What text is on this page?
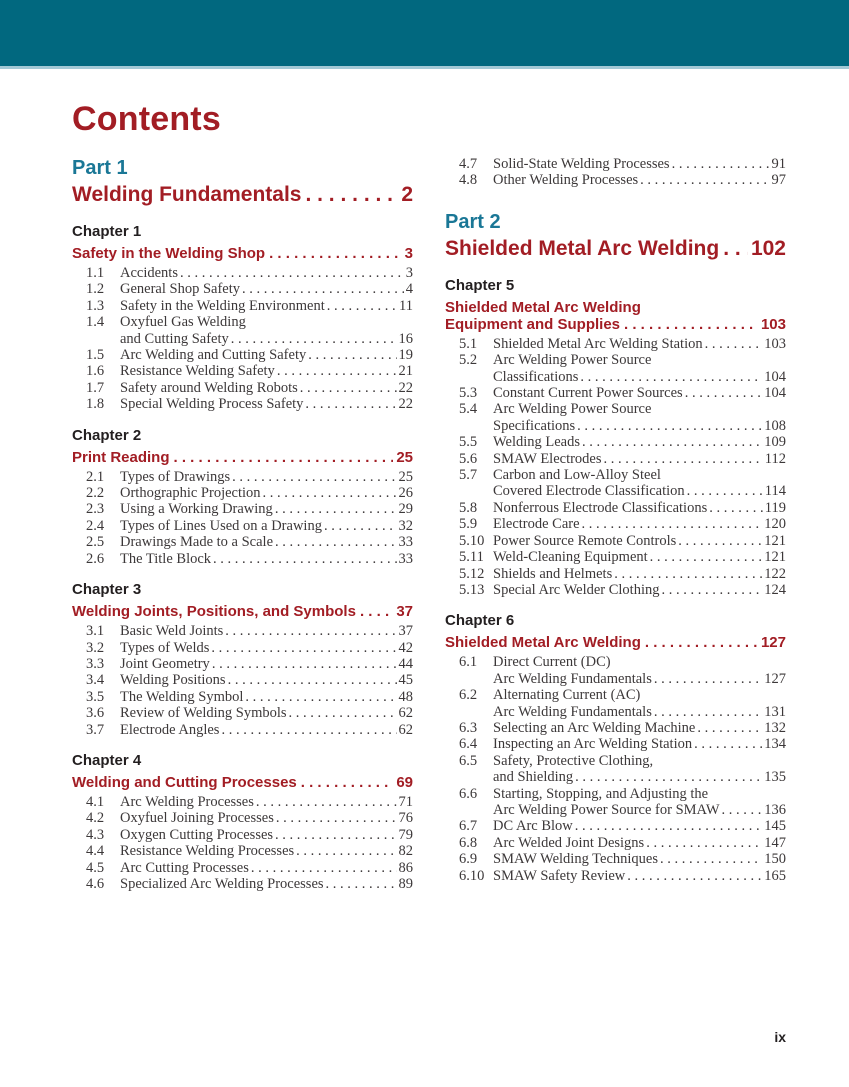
Contents
Part 1
Welding Fundamentals . . .	2
Chapter 1
Safety in the Welding Shop . . .	3
1.1	Accidents . . .	3
1.2	General Shop Safety . . .	4
1.3	Safety in the Welding Environment . . .	11
1.4	Oxyfuel Gas Welding
and Cutting Safety . . .	16
1.5	Arc Welding and Cutting Safety . . .	19
1.6	Resistance Welding Safety . . .	21
1.7	Safety around Welding Robots . . .	22
1.8	Special Welding Process Safety . . .	22
Chapter 2
Print Reading . . .	25
2.1	Types of Drawings . . .	25
2.2	Orthographic Projection . . .	26
2.3	Using a Working Drawing . . .	29
2.4	Types of Lines Used on a Drawing . . .	32
2.5	Drawings Made to a Scale . . .	33
2.6	The Title Block . . .	33
Chapter 3
Welding Joints, Positions, and Symbols . . .	37
3.1	Basic Weld Joints . . .	37
3.2	Types of Welds . . .	42
3.3	Joint Geometry . . .	44
3.4	Welding Positions . . .	45
3.5	The Welding Symbol . . .	48
3.6	Review of Welding Symbols . . .	62
3.7	Electrode Angles . . .	62
Chapter 4
Welding and Cutting Processes . . .	69
4.1	Arc Welding Processes . . .	71
4.2	Oxyfuel Joining Processes . . .	76
4.3	Oxygen Cutting Processes . . .	79
4.4	Resistance Welding Processes . . .	82
4.5	Arc Cutting Processes . . .	86
4.6	Specialized Arc Welding Processes . . .	89
4.7	Solid-State Welding Processes . . .	91
4.8	Other Welding Processes . . .	97
Part 2
Shielded Metal Arc Welding . . . 102
Chapter 5
Shielded Metal Arc Welding
Equipment and Supplies . . .	103
5.1	Shielded Metal Arc Welding Station . . .	103
5.2	Arc Welding Power Source
Classifications . . .	104
5.3	Constant Current Power Sources . . .	104
5.4	Arc Welding Power Source
Specifications . . .	108
5.5	Welding Leads . . .	109
5.6	SMAW Electrodes . . .	112
5.7	Carbon and Low-Alloy Steel
Covered Electrode Classification . . .	114
5.8	Nonferrous Electrode Classifications . . .	119
5.9	Electrode Care . . .	120
5.10 Power Source Remote Controls . . .	121
5.11 Weld-Cleaning Equipment . . .	121
5.12 Shields and Helmets . . .	122
5.13 Special Arc Welder Clothing . . .	124
Chapter 6
Shielded Metal Arc Welding . . .	127
6.1	Direct Current (DC)
Arc Welding Fundamentals . . .	127
6.2	Alternating Current (AC)
Arc Welding Fundamentals . . .	131
6.3	Selecting an Arc Welding Machine . . .	132
6.4	Inspecting an Arc Welding Station . . .	134
6.5	Safety, Protective Clothing,
and Shielding . . .	135
6.6	Starting, Stopping, and Adjusting the
Arc Welding Power Source for SMAW . . .	136
6.7	DC Arc Blow . . .	145
6.8	Arc Welded Joint Designs . . .	147
6.9	SMAW Welding Techniques . . .	150
6.10 SMAW Safety Review . . .	165
ix
